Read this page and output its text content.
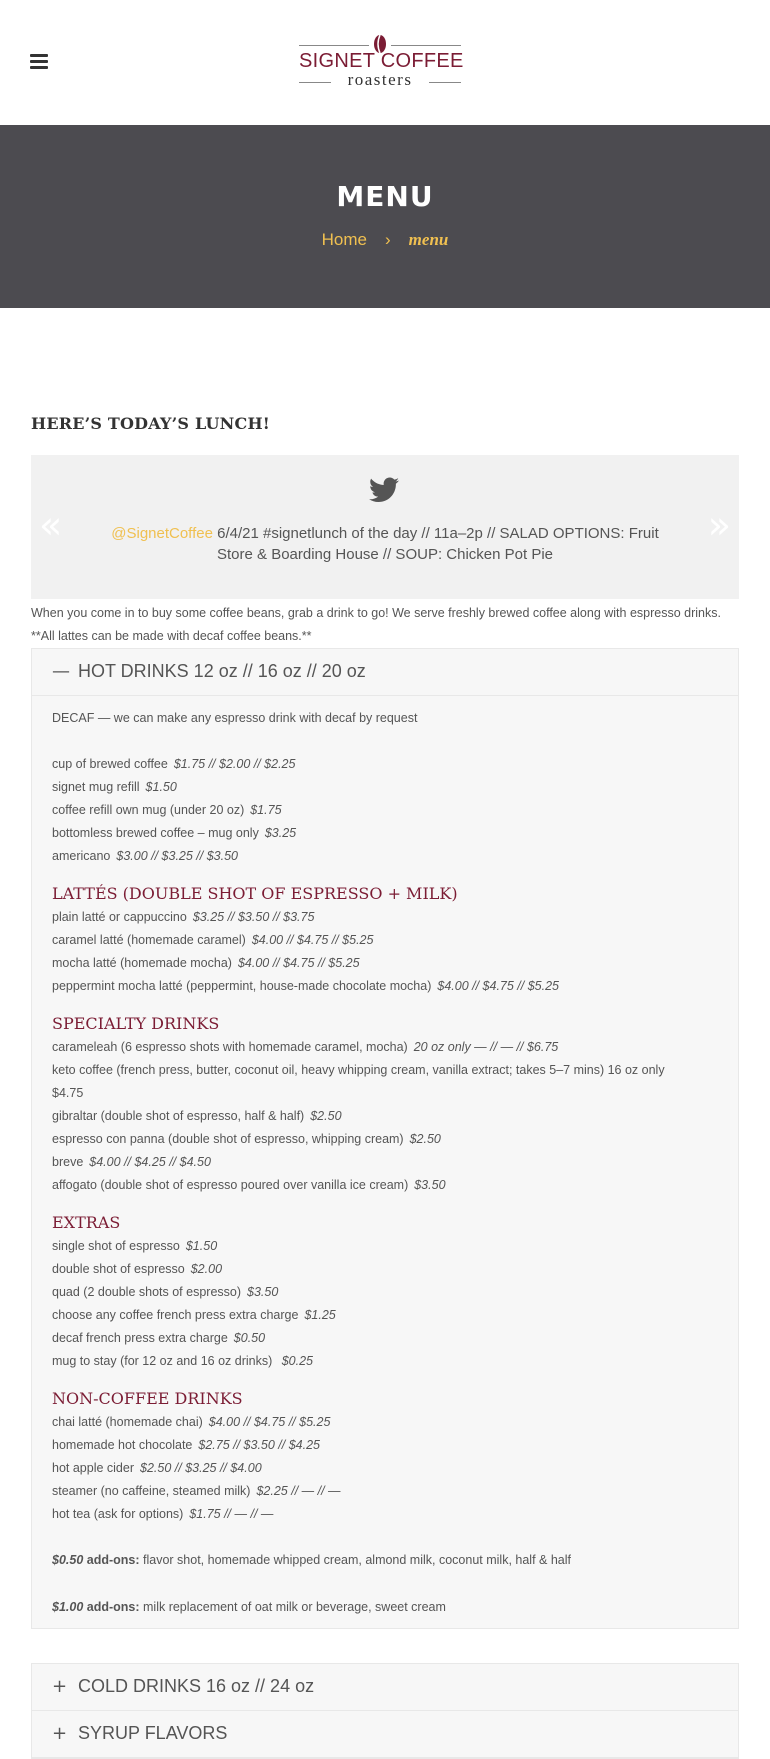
SIGNET COFFEE
roasters
MENU
Home › menu
HERE’S TODAY’S LUNCH!
«	»
@SignetCoffee 6/4/21 #signetlunch of the day // 11a–2p // SALAD OPTIONS: Fruit Store & Boarding House // SOUP: Chicken Pot Pie
When you come in to buy some coffee beans, grab a drink to go! We serve freshly brewed coffee along with espresso drinks.
**All lattes can be made with decaf coffee beans.**
— HOT DRINKS 12 oz // 16 oz // 20 oz
DECAF — we can make any espresso drink with decaf by request
cup of brewed coffee $1.75 // $2.00 // $2.25
signet mug refill $1.50
coffee refill own mug (under 20 oz) $1.75
bottomless brewed coffee – mug only $3.25
americano $3.00 // $3.25 // $3.50
LATTÉS (DOUBLE SHOT OF ESPRESSO + MILK)
plain latté or cappuccino $3.25 // $3.50 // $3.75
caramel latté (homemade caramel) $4.00 // $4.75 // $5.25
mocha latté (homemade mocha) $4.00 // $4.75 // $5.25
peppermint mocha latté (peppermint, house-made chocolate mocha) $4.00 // $4.75 // $5.25
SPECIALTY DRINKS
carameleah (6 espresso shots with homemade caramel, mocha) 20 oz only — // — // $6.75
keto coffee (french press, butter, coconut oil, heavy whipping cream, vanilla extract; takes 5–7 mins) 16 oz only
$4.75
gibraltar (double shot of espresso, half & half) $2.50
espresso con panna (double shot of espresso, whipping cream) $2.50
breve $4.00 // $4.25 // $4.50
affogato (double shot of espresso poured over vanilla ice cream) $3.50
EXTRAS
single shot of espresso $1.50
double shot of espresso $2.00
quad (2 double shots of espresso) $3.50
choose any coffee french press extra charge $1.25
decaf french press extra charge $0.50
mug to stay (for 12 oz and 16 oz drinks) $0.25
NON-COFFEE DRINKS
chai latté (homemade chai) $4.00 // $4.75 // $5.25
homemade hot chocolate $2.75 // $3.50 // $4.25
hot apple cider $2.50 // $3.25 // $4.00
steamer (no caffeine, steamed milk) $2.25 // — // —
hot tea (ask for options) $1.75 // — // —
$0.50 add-ons: flavor shot, homemade whipped cream, almond milk, coconut milk, half & half
$1.00 add-ons: milk replacement of oat milk or beverage, sweet cream
+ COLD DRINKS 16 oz // 24 oz
+ SYRUP FLAVORS
